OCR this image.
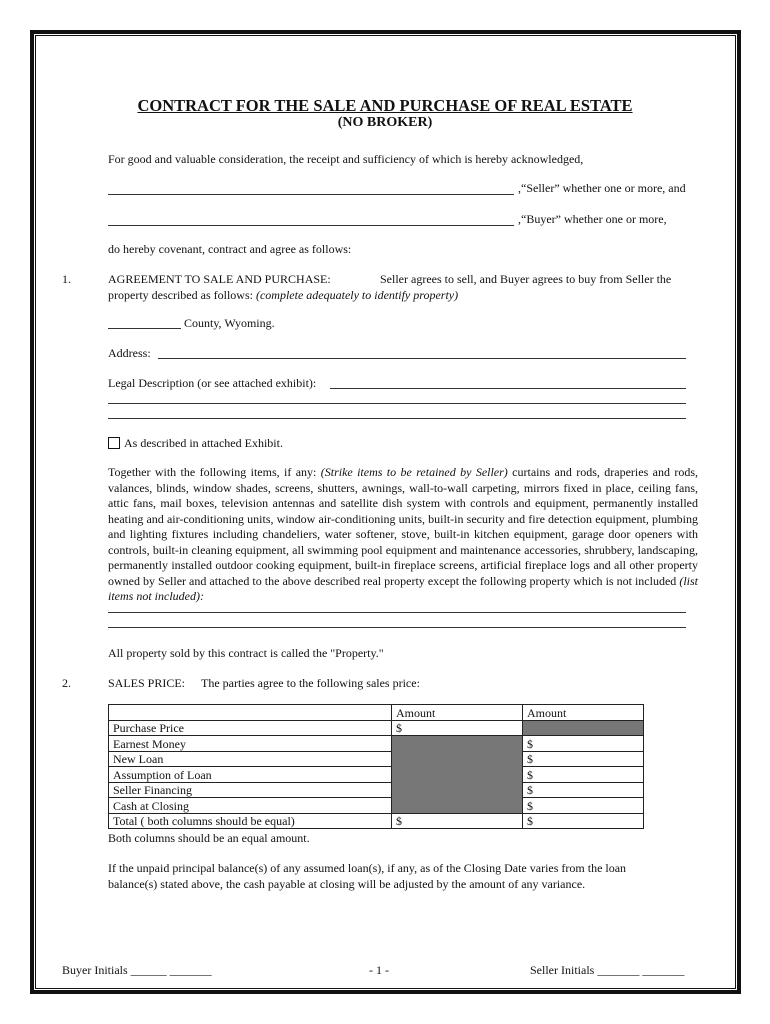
CONTRACT FOR THE SALE AND PURCHASE OF REAL ESTATE
(NO BROKER)
For good and valuable consideration, the receipt and sufficiency of which is hereby acknowledged,
,“Seller” whether one or more, and
,“Buyer” whether one or more,
do hereby covenant, contract and agree as follows:
1.	AGREEMENT TO SALE AND PURCHASE:	Seller agrees to sell, and Buyer agrees to buy from Seller the
property described as follows: (complete adequately to identify property)
County, Wyoming.
Address:
Legal Description (or see attached exhibit):
As described in attached Exhibit.
Together with the following items, if any: (Strike items to be retained by Seller) curtains and rods, draperies and rods, valances, blinds, window shades, screens, shutters, awnings, wall-to-wall carpeting, mirrors fixed in place, ceiling fans, attic fans, mail boxes, television antennas and satellite dish system with controls and equipment, permanently installed heating and air-conditioning units, window air-conditioning units, built-in security and fire detection equipment, plumbing and lighting fixtures including chandeliers, water softener, stove, built-in kitchen equipment, garage door openers with controls, built-in cleaning equipment, all swimming pool equipment and maintenance accessories, shrubbery, landscaping, permanently installed outdoor cooking equipment, built-in fireplace screens, artificial fireplace logs and all other property owned by Seller and attached to the above described real property except the following property which is not included (list items not included):
All property sold by this contract is called the "Property."
2.	SALES PRICE: The parties agree to the following sales price:
	Amount	Amount
Purchase Price	$	
Earnest Money		$
New Loan		$
Assumption of Loan		$
Seller Financing		$
Cash at Closing		$
Total ( both columns should be equal)	$	$
Both columns should be an equal amount.
If the unpaid principal balance(s) of any assumed loan(s), if any, as of the Closing Date varies from the loan balance(s) stated above, the cash payable at closing will be adjusted by the amount of any variance.
Buyer Initials ______ _______	- 1 -	Seller Initials _______ _______
